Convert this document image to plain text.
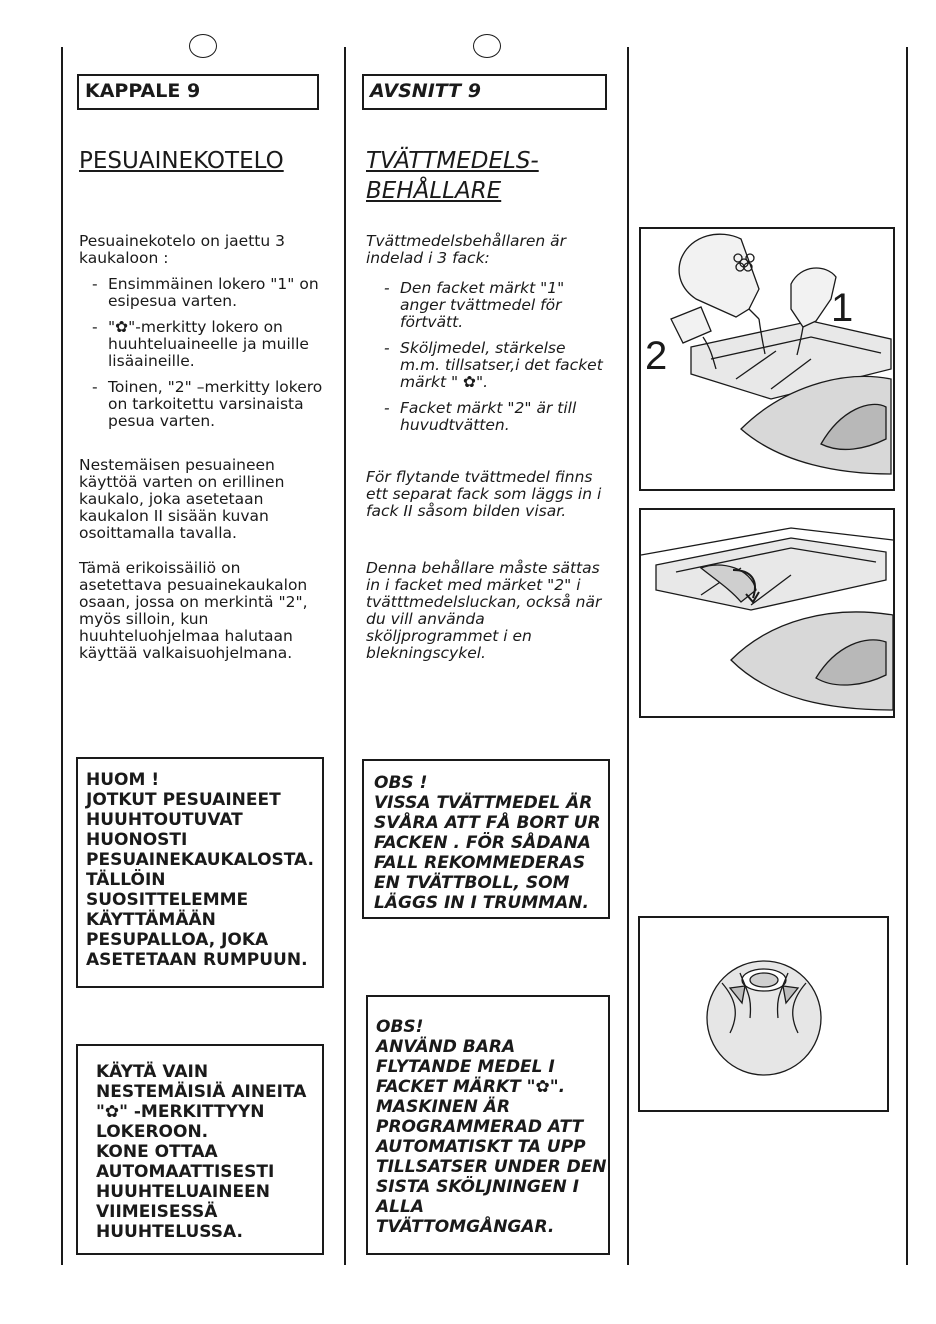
KAPPALE 9
PESUAINEKOTELO

Pesuainekotelo on jaettu 3 kaukaloon :

- Ensimmäinen lokero "1" on esipesua varten.
- "✿"-merkitty lokero on huuhteluaineelle ja muille lisäaineille.
- Toinen, "2" –merkitty lokero on tarkoitettu varsinaista pesua varten.

Nestemäisen pesuaineen käyttöä varten on erillinen kaukalo, joka asetetaan kaukalon II sisään kuvan osoittamalla tavalla.

Tämä erikoissäiliö on asetettava pesuainekaukalon osaan, jossa on merkintä "2", myös silloin, kun huuhteluohjelmaa halutaan käyttää valkaisuohjelmana.

HUOM !

JOTKUT PESUAINEET

HUUHTOUTUVAT

HUONOSTI

PESUAINEKAUKALOSTA.

TÄLLÖIN

SUOSITTELEMME

KÄYTTÄMÄÄN

PESUPALLOA, JOKA

ASETETAAN RUMPUUN.

KÄYTÄ VAIN

NESTEMÄISIÄ AINEITA

"✿" -MERKITTYYN

LOKEROON.

KONE OTTAA

AUTOMAATTISESTI

HUUHTELUAINEEN

VIIMEISESSÄ

HUUHTELUSSA.

AVSNITT 9
TVÄTTMEDELS-
BEHÅLLARE

Tvättmedelsbehållaren är indelad i 3 fack:

- Den facket märkt "1" anger tvättmedel för förtvätt.
- Sköljmedel, stärkelse m.m. tillsatser,i det facket märkt " ✿".
- Facket märkt "2" är till huvudtvätten.

För flytande tvättmedel finns ett separat fack som läggs in i fack II såsom bilden visar.

Denna behållare måste sättas in i facket med märket "2" i tvätttmedelsluckan, också när du vill använda sköljprogrammet i en blekningscykel.

OBS !

VISSA TVÄTTMEDEL ÄR

SVÅRA ATT FÅ BORT UR

FACKEN . FÖR SÅDANA

FALL REKOMMEDERAS

EN TVÄTTBOLL, SOM

LÄGGS IN I TRUMMAN.

OBS!

ANVÄND BARA

FLYTANDE MEDEL I

FACKET MÄRKT "✿".

MASKINEN ÄR

PROGRAMMERAD ATT

AUTOMATISKT TA UPP

TILLSATSER UNDER DEN

SISTA SKÖLJNINGEN I

ALLA

TVÄTTOMGÅNGAR.

1
2
